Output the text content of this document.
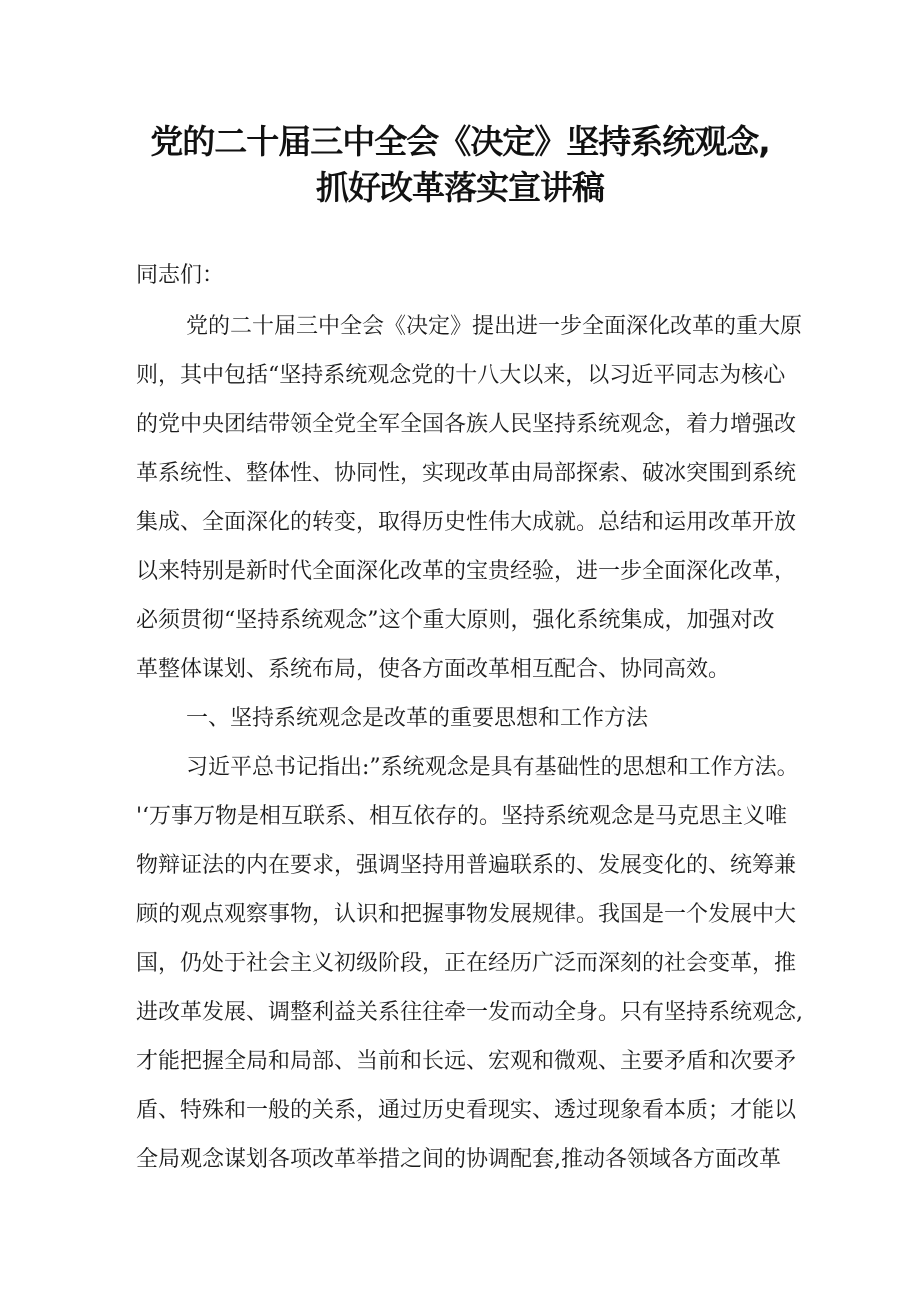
党的二十届三中全会《决定》坚持系统观念,
抓好改革落实宣讲稿

同志们：

党的二十届三中全会《决定》提出进一步全面深化改革的重大原

则，其中包括“坚持系统观念党的十八大以来，以习近平同志为核心

的党中央团结带领全党全军全国各族人民坚持系统观念，着力增强改

革系统性、整体性、协同性，实现改革由局部探索、破冰突围到系统

集成、全面深化的转变，取得历史性伟大成就。总结和运用改革开放

以来特别是新时代全面深化改革的宝贵经验，进一步全面深化改革，

必须贯彻“坚持系统观念”这个重大原则，强化系统集成，加强对改

革整体谋划、系统布局，使各方面改革相互配合、协同高效。

一、坚持系统观念是改革的重要思想和工作方法

习近平总书记指出:”系统观念是具有基础性的思想和工作方法。

'‘万事万物是相互联系、相互依存的。坚持系统观念是马克思主义唯

物辩证法的内在要求，强调坚持用普遍联系的、发展变化的、统筹兼

顾的观点观察事物，认识和把握事物发展规律。我国是一个发展中大

国，仍处于社会主义初级阶段，正在经历广泛而深刻的社会变革，推

进改革发展、调整利益关系往往牵一发而动全身。只有坚持系统观念,

才能把握全局和局部、当前和长远、宏观和微观、主要矛盾和次要矛

盾、特殊和一般的关系，通过历史看现实、透过现象看本质；才能以

全局观念谋划各项改革举措之间的协调配套,推动各领域各方面改革
